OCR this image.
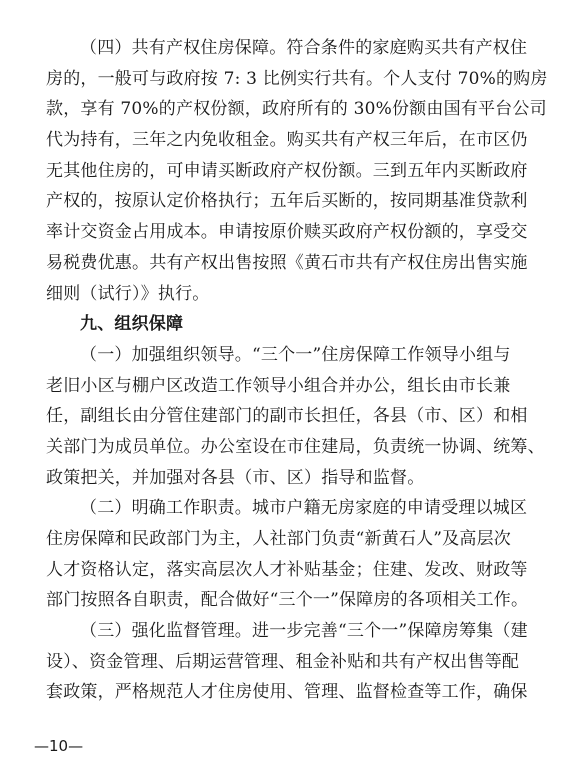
（四）共有产权住房保障。符合条件的家庭购买共有产权住
房的，一般可与政府按 7: 3 比例实行共有。个人支付 70%的购房
款，享有 70%的产权份额，政府所有的 30%份额由国有平台公司
代为持有，三年之内免收租金。购买共有产权三年后，在市区仍
无其他住房的，可申请买断政府产权份额。三到五年内买断政府
产权的，按原认定价格执行；五年后买断的，按同期基准贷款利
率计交资金占用成本。申请按原价赎买政府产权份额的，享受交
易税费优惠。共有产权出售按照《黄石市共有产权住房出售实施
细则（试行）》执行。
九、组织保障
（一）加强组织领导。“三个一”住房保障工作领导小组与
老旧小区与棚户区改造工作领导小组合并办公，组长由市长兼
任，副组长由分管住建部门的副市长担任，各县（市、区）和相
关部门为成员单位。办公室设在市住建局，负责统一协调、统筹、
政策把关，并加强对各县（市、区）指导和监督。
（二）明确工作职责。城市户籍无房家庭的申请受理以城区
住房保障和民政部门为主，人社部门负责“新黄石人”及高层次
人才资格认定，落实高层次人才补贴基金；住建、发改、财政等
部门按照各自职责，配合做好“三个一”保障房的各项相关工作。
（三）强化监督管理。进一步完善“三个一”保障房筹集（建
设）、资金管理、后期运营管理、租金补贴和共有产权出售等配
套政策，严格规范人才住房使用、管理、监督检查等工作，确保
—10—
